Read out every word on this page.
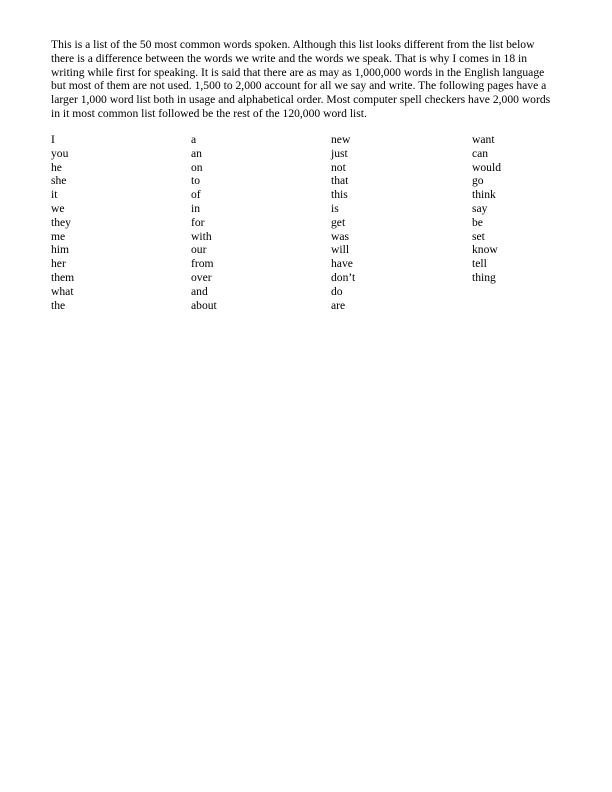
This is a list of the 50 most common words spoken. Although this list looks different from the list below
there is a difference between the words we write and the words we speak. That is why I comes in 18 in
writing while first for speaking. It is said that there are as may as 1,000,000 words in the English language
but most of them are not used. 1,500 to 2,000 account for all we say and write. The following pages have a
larger 1,000 word list both in usage and alphabetical order. Most computer spell checkers have 2,000 words
in it most common list followed be the rest of the 120,000 word list.

I
you
he
she
it
we
they
me
him
her
them
what
the
a
an
on
to
of
in
for
with
our
from
over
and
about
new
just
not
that
this
is
get
was
will
have
don’t
do
are
want
can
would
go
think
say
be
set
know
tell
thing
